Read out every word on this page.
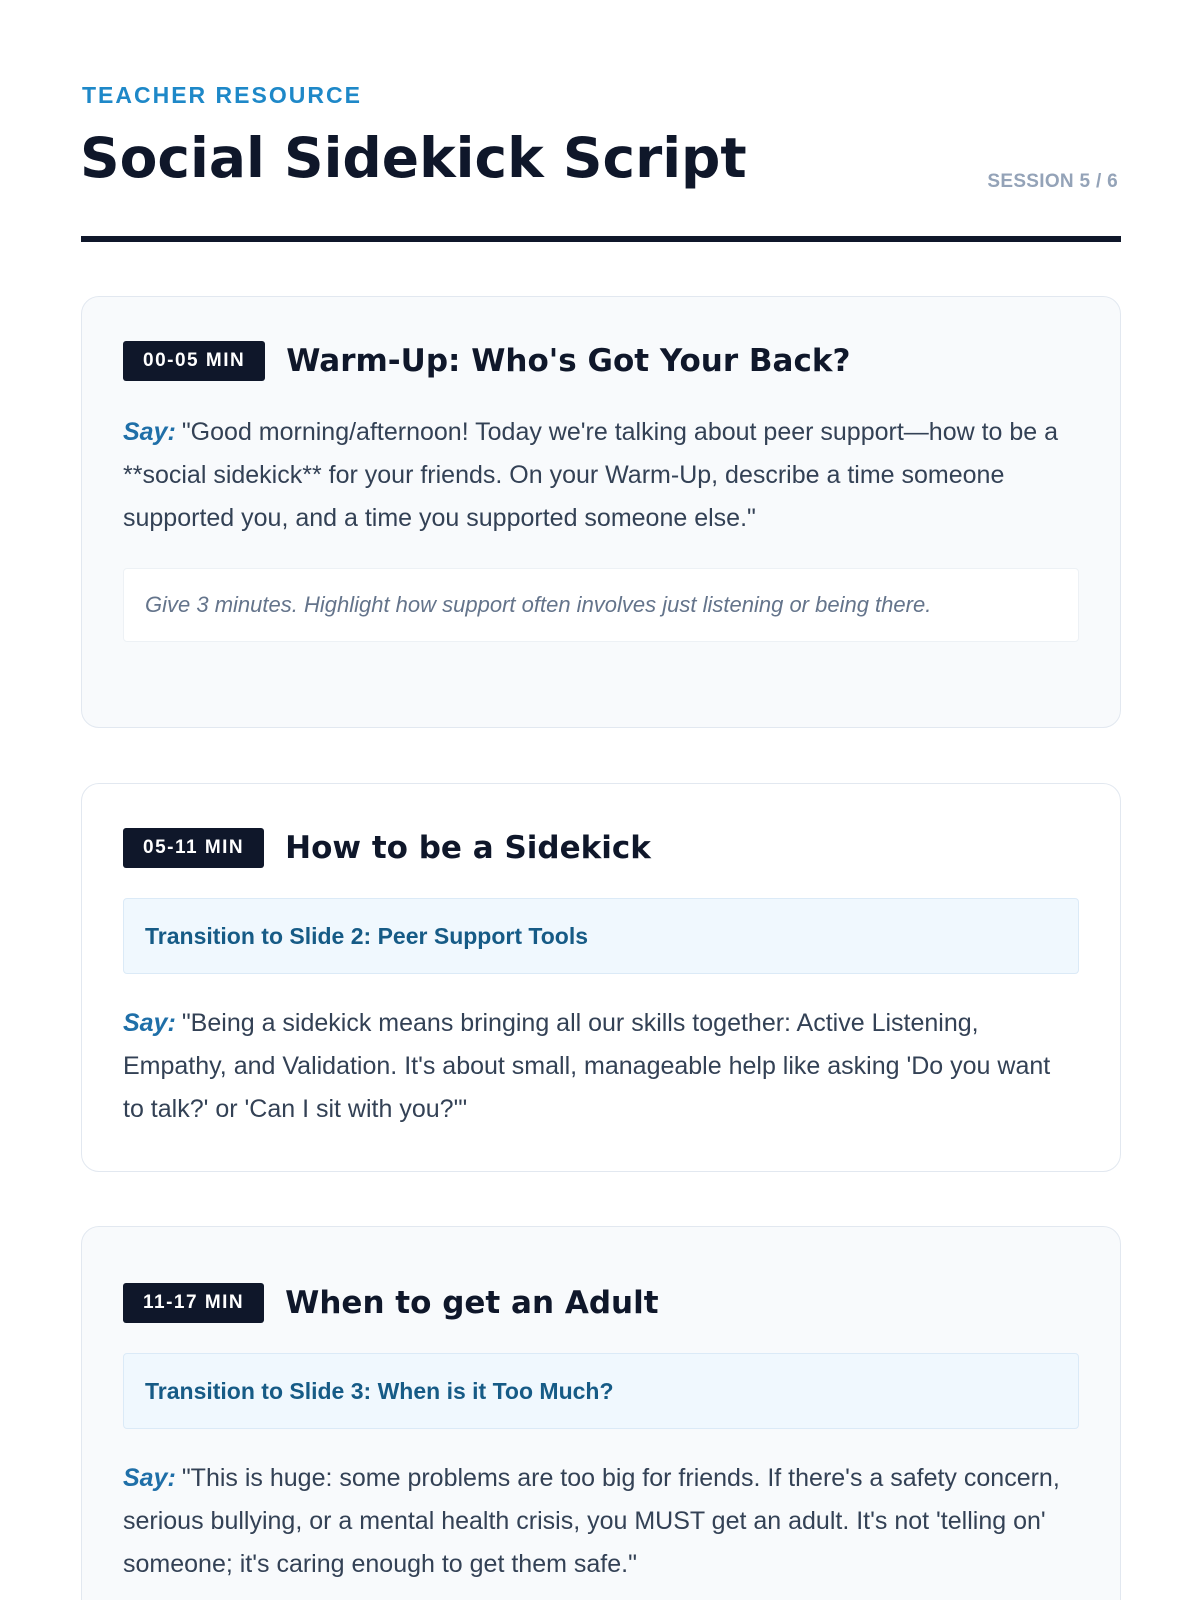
TEACHER RESOURCE
Social Sidekick Script	SESSION 5 / 6
00-05 MIN	Warm-Up: Who's Got Your Back?

Say: "Good morning/afternoon! Today we're talking about peer support—how to be a **social sidekick** for your friends. On your Warm-Up, describe a time someone supported you, and a time you supported someone else."

Give 3 minutes. Highlight how support often involves just listening or being there.
05-11 MIN	How to be a Sidekick
Transition to Slide 2: Peer Support Tools

Say: "Being a sidekick means bringing all our skills together: Active Listening, Empathy, and Validation. It's about small, manageable help like asking 'Do you want to talk?' or 'Can I sit with you?'"

11-17 MIN	When to get an Adult
Transition to Slide 3: When is it Too Much?

Say: "This is huge: some problems are too big for friends. If there's a safety concern, serious bullying, or a mental health crisis, you MUST get an adult. It's not 'telling on' someone; it's caring enough to get them safe."
